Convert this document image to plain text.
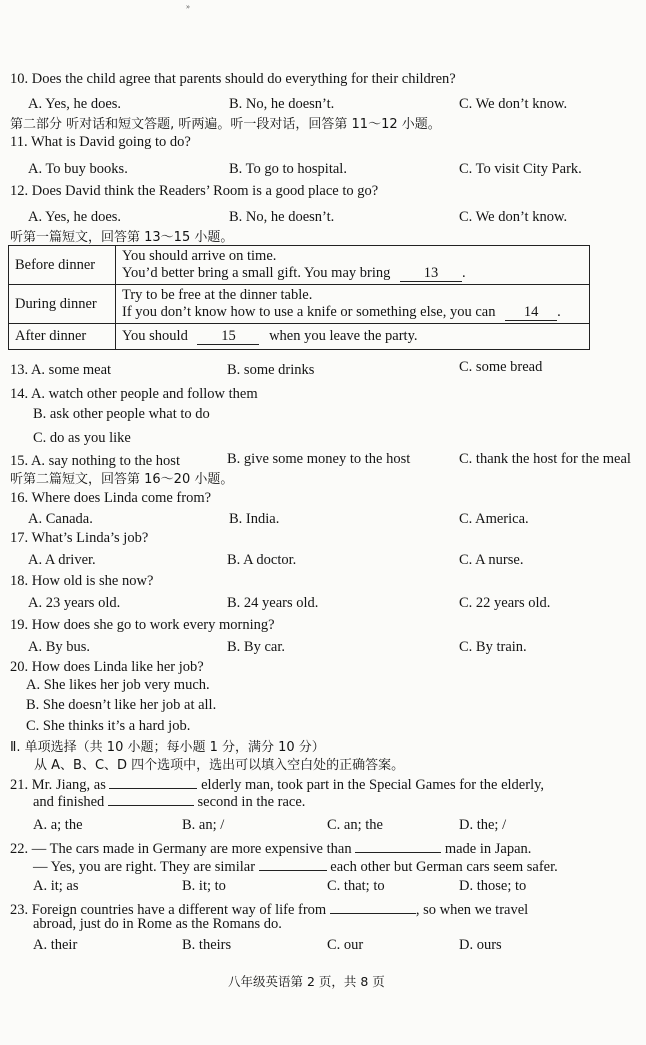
»
10. Does the child agree that parents should do everything for their children?
A. Yes, he does.	B. No, he doesn’t.	C. We don’t know.
第二部分 听对话和短文答题, 听两遍。听一段对话，回答第 11～12 小题。
11. What is David going to do?
A. To buy books.	B. To go to hospital.	C. To visit City Park.
12. Does David think the Readers’ Room is a good place to go?
A. Yes, he does.	B. No, he doesn’t.	C. We don’t know.
听第一篇短文，回答第 13～15 小题。
Before dinner	You should arrive on time.
You’d better bring a small gift. You may bring 13 .

During dinner	Try to be free at the dinner table.
If you don’t know how to use a knife or something else, you can 14 .

After dinner	You should 15 when you leave the party.
13. A. some meat	B. some drinks	C. some bread
14. A. watch other people and follow them
B. ask other people what to do
C. do as you like
15. A. say nothing to the host	B. give some money to the host	C. thank the host for the meal
听第二篇短文，回答第 16～20 小题。
16. Where does Linda come from?
A. Canada.	B. India.	C. America.
17. What’s Linda’s job?
A. A driver.	B. A doctor.	C. A nurse.
18. How old is she now?
A. 23 years old.	B. 24 years old.	C. 22 years old.
19. How does she go to work every morning?
A. By bus.	B. By car.	C. By train.
20. How does Linda like her job?
A. She likes her job very much.
B. She doesn’t like her job at all.
C. She thinks it’s a hard job.
Ⅱ. 单项选择（共 10 小题；每小题 1 分，满分 10 分）
从 A、B、C、D 四个选项中，选出可以填入空白处的正确答案。
21. Mr. Jiang, as	elderly man, took part in the Special Games for the elderly,
and finished	second in the race.
A. a; the	B. an; /	C. an; the	D. the; /
22. — The cars made in Germany are more expensive than	made in Japan.
— Yes, you are right. They are similar	each other but German cars seem safer.
A. it; as	B. it; to	C. that; to	D. those; to
23. Foreign countries have a different way of life from	, so when we travel
abroad, just do in Rome as the Romans do.
A. their	B. theirs	C. our	D. ours
八年级英语第 2 页，共 8 页
